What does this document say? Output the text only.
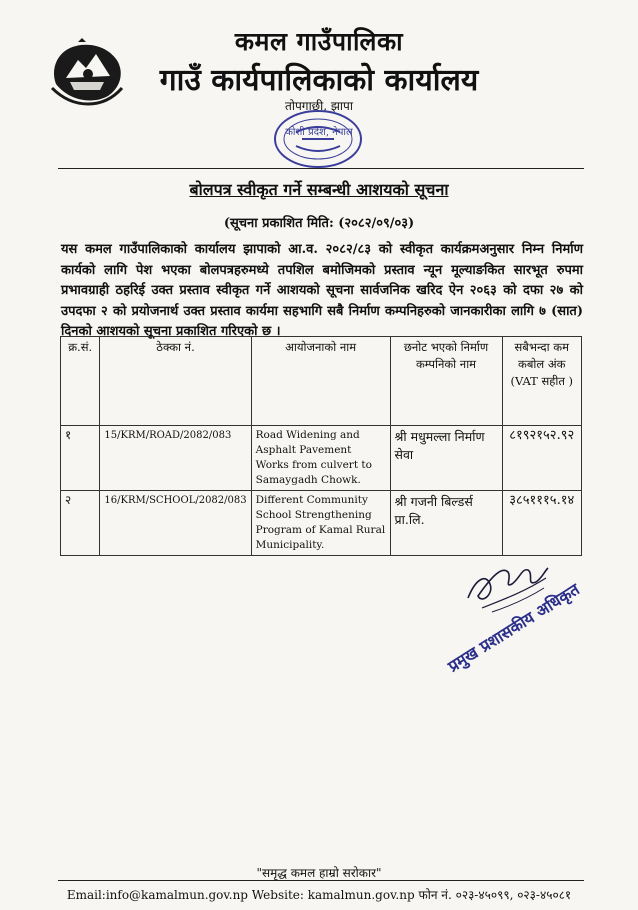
कमल गाउँपालिका
गाउँ कार्यपालिकाको कार्यालय
तोपगाछी, झापा
कोशी प्रदेश, नेपाल
बोलपत्र स्वीकृत गर्ने सम्बन्धी आशयको सूचना
(सूचना प्रकाशित मिति: (२०८२/०९/०३)
यस कमल गाउँपालिकाको कार्यालय झापाको आ.व. २०८२/८३ को स्वीकृत कार्यक्रमअनुसार निम्न निर्माण कार्यको लागि पेश भएका बोलपत्रहरुमध्ये तपशिल बमोजिमको प्रस्ताव न्यून मूल्याङकित सारभूत रुपमा प्रभावग्राही ठहरिई उक्त प्रस्ताव स्वीकृत गर्ने आशयको सूचना सार्वजनिक खरिद ऐन २०६३ को दफा २७ को उपदफा २ को प्रयोजनार्थ उक्त प्रस्ताव कार्यमा सहभागि सबै निर्माण कम्पनिहरुको जानकारीका लागि ७ (सात) दिनको आशयको सूचना प्रकाशित गरिएको छ ।
क्र.सं.	ठेक्का नं.	आयोजनाको नाम	छनोट भएको निर्माण कम्पनिको नाम	सबैभन्दा कम कबोल अंक (VAT सहीत )
१	15/KRM/ROAD/2082/083	Road Widening and Asphalt Pavement Works from culvert to Samaygadh Chowk.	श्री मधुमल्ला निर्माण सेवा	८१९२१५२.९२
२	16/KRM/SCHOOL/2082/083	Different Community School Strengthening Program of Kamal Rural Municipality.	श्री गजनी बिल्डर्स प्रा.लि.	३८५१११५.१४
प्रमुख प्रशासकीय अधिकृत
"समृद्ध कमल हाम्रो सरोकार"
Email:info@kamalmun.gov.np Website: kamalmun.gov.np फोन नं. ०२३-४५०९९, ०२३-४५०८१
